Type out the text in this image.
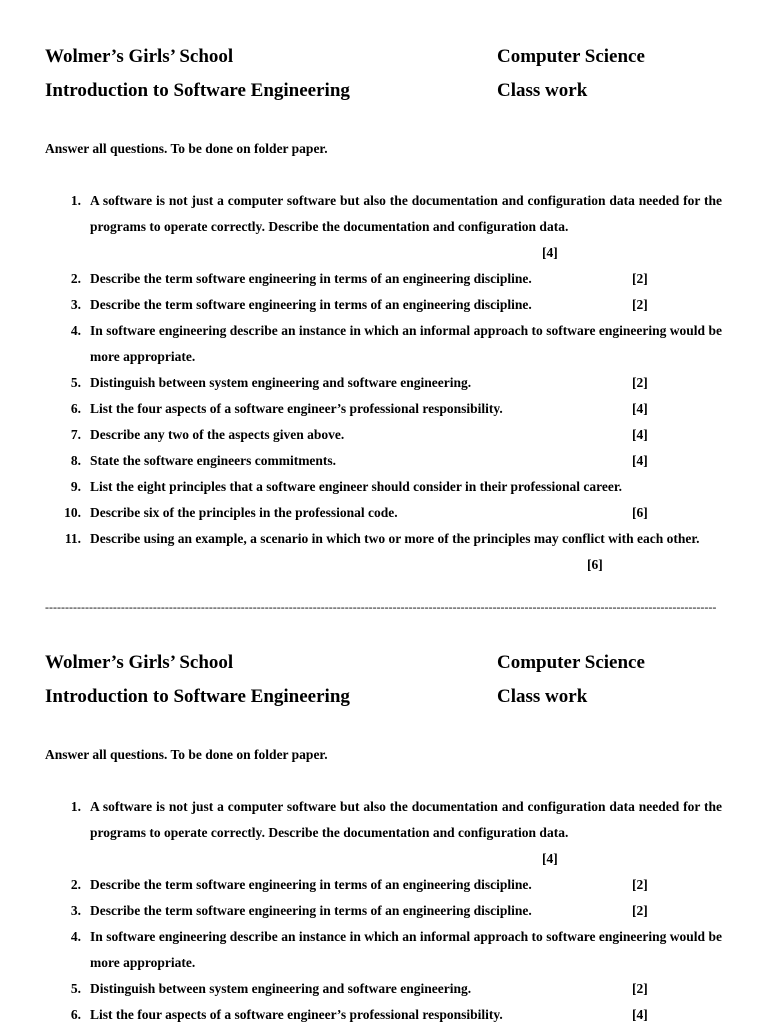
Wolmer’s Girls’ School	Computer Science
Introduction to Software Engineering	Class work
Answer all questions. To be done on folder paper.
1. A software is not just a computer software but also the documentation and configuration data needed for the programs to operate correctly. Describe the documentation and configuration data.
[4]
2. Describe the term software engineering in terms of an engineering discipline.	[2]
3. Describe the term software engineering in terms of an engineering discipline.	[2]
4. In software engineering describe an instance in which an informal approach to software engineering would be more appropriate.
5. Distinguish between system engineering and software engineering.	[2]
6. List the four aspects of a software engineer’s professional responsibility.	[4]
7. Describe any two of the aspects given above.	[4]
8. State the software engineers commitments.	[4]
9. List the eight principles that a software engineer should consider in their professional career.
10. Describe six of the principles in the professional code.	[6]
11. Describe using an example, a scenario in which two or more of the principles may conflict with each other.
[6]
------------------------------------------------------------------------------------------------------------------------------------------------------------------------
Wolmer’s Girls’ School	Computer Science
Introduction to Software Engineering	Class work
Answer all questions. To be done on folder paper.
1. A software is not just a computer software but also the documentation and configuration data needed for the programs to operate correctly. Describe the documentation and configuration data.
[4]
2. Describe the term software engineering in terms of an engineering discipline.	[2]
3. Describe the term software engineering in terms of an engineering discipline.	[2]
4. In software engineering describe an instance in which an informal approach to software engineering would be more appropriate.
5. Distinguish between system engineering and software engineering.	[2]
6. List the four aspects of a software engineer’s professional responsibility.	[4]
